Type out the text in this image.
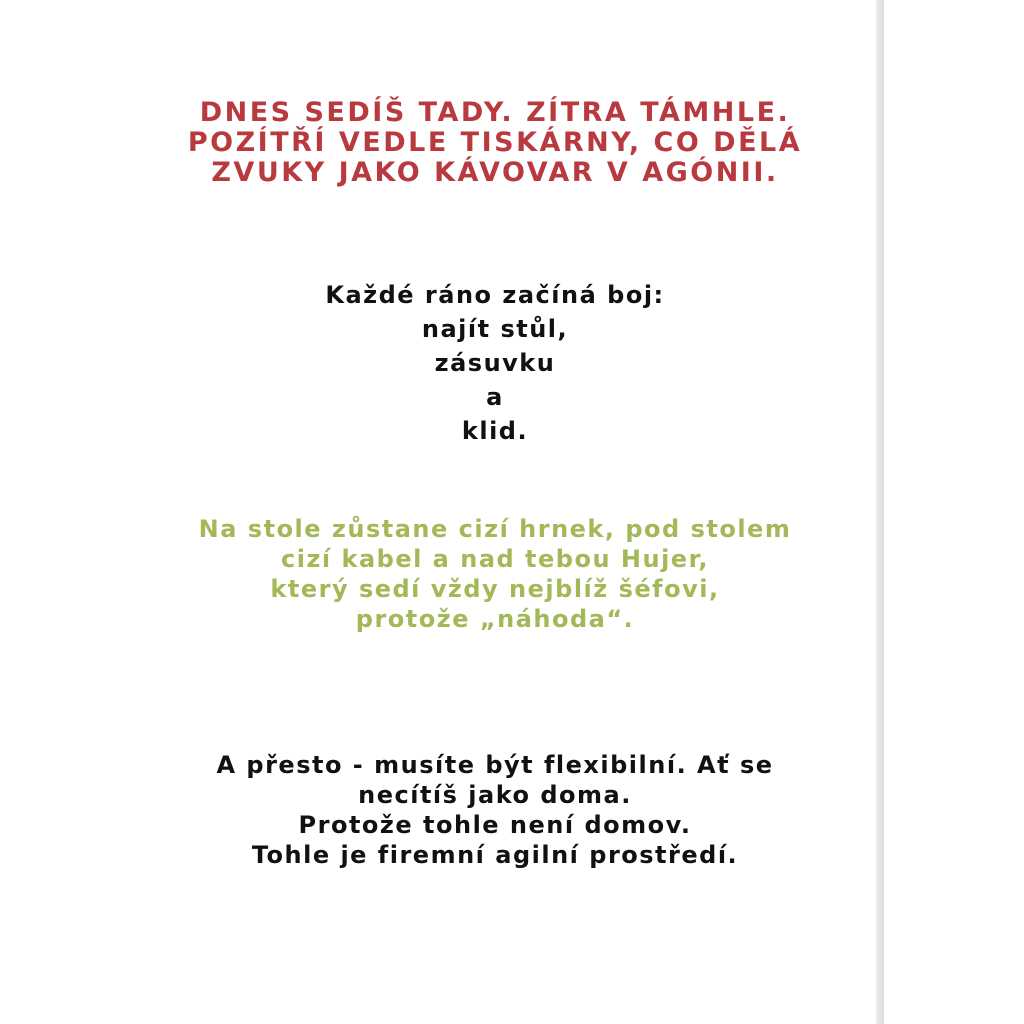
DNES SEDÍŠ TADY. ZÍTRA TÁMHLE.
POZÍTŘÍ VEDLE TISKÁRNY, CO DĚLÁ
ZVUKY JAKO KÁVOVAR V AGÓNII.
Každé ráno začíná boj:
najít stůl,
zásuvku
a
klid.
Na stole zůstane cizí hrnek, pod stolem
cizí kabel a nad tebou Hujer,
který sedí vždy nejblíž šéfovi,
protože „náhoda“.
A přesto - musíte být flexibilní. Ať se
necítíš jako doma.
Protože tohle není domov.
Tohle je firemní agilní prostředí.
